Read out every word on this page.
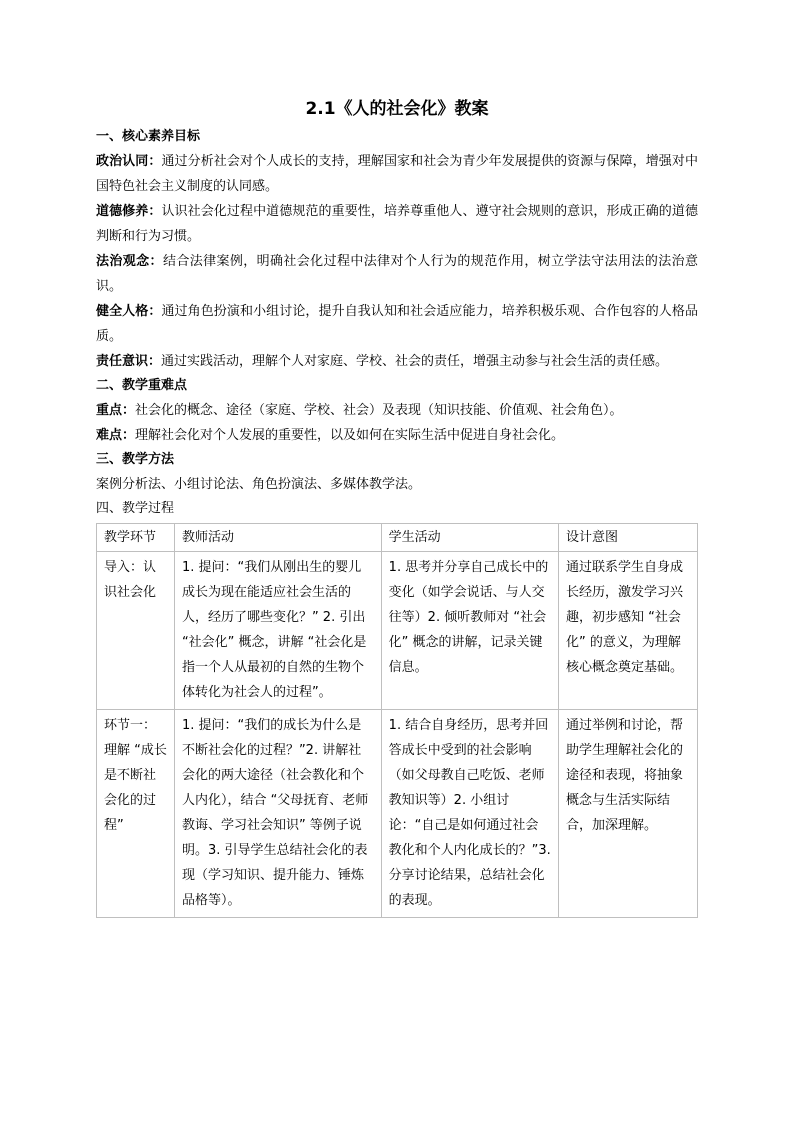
2.1《人的社会化》教案
一、核心素养目标

政治认同：通过分析社会对个人成长的支持，理解国家和社会为青少年发展提供的资源与保障，增强对中国特色社会主义制度的认同感。

道德修养：认识社会化过程中道德规范的重要性，培养尊重他人、遵守社会规则的意识，形成正确的道德判断和行为习惯。

法治观念：结合法律案例，明确社会化过程中法律对个人行为的规范作用，树立学法守法用法的法治意识。

健全人格：通过角色扮演和小组讨论，提升自我认知和社会适应能力，培养积极乐观、合作包容的人格品质。

责任意识：通过实践活动，理解个人对家庭、学校、社会的责任，增强主动参与社会生活的责任感。

二、教学重难点

重点：社会化的概念、途径（家庭、学校、社会）及表现（知识技能、价值观、社会角色）。

难点：理解社会化对个人发展的重要性，以及如何在实际生活中促进自身社会化。

三、教学方法

案例分析法、小组讨论法、角色扮演法、多媒体教学法。

四、教学过程
教学环节	教师活动	学生活动	设计意图
导入：认识社会化	1. 提问：“我们从刚出生的婴儿成长为现在能适应社会生活的人，经历了哪些变化？” 2. 引出 “社会化” 概念，讲解 “社会化是指一个人从最初的自然的生物个体转化为社会人的过程”。	1. 思考并分享自己成长中的变化（如学会说话、与人交往等）2. 倾听教师对 “社会化” 概念的讲解，记录关键信息。	通过联系学生自身成长经历，激发学习兴趣，初步感知 “社会化” 的意义，为理解核心概念奠定基础。
环节一：理解 “成长是不断社会化的过程”	1. 提问：“我们的成长为什么是不断社会化的过程？”2. 讲解社会化的两大途径（社会教化和个人内化），结合 “父母抚育、老师教诲、学习社会知识” 等例子说明。3. 引导学生总结社会化的表现（学习知识、提升能力、锤炼品格等）。	1. 结合自身经历，思考并回答成长中受到的社会影响（如父母教自己吃饭、老师教知识等）2. 小组讨论：“自己是如何通过社会教化和个人内化成长的？”3. 分享讨论结果，总结社会化的表现。	通过举例和讨论，帮助学生理解社会化的途径和表现，将抽象概念与生活实际结合，加深理解。
